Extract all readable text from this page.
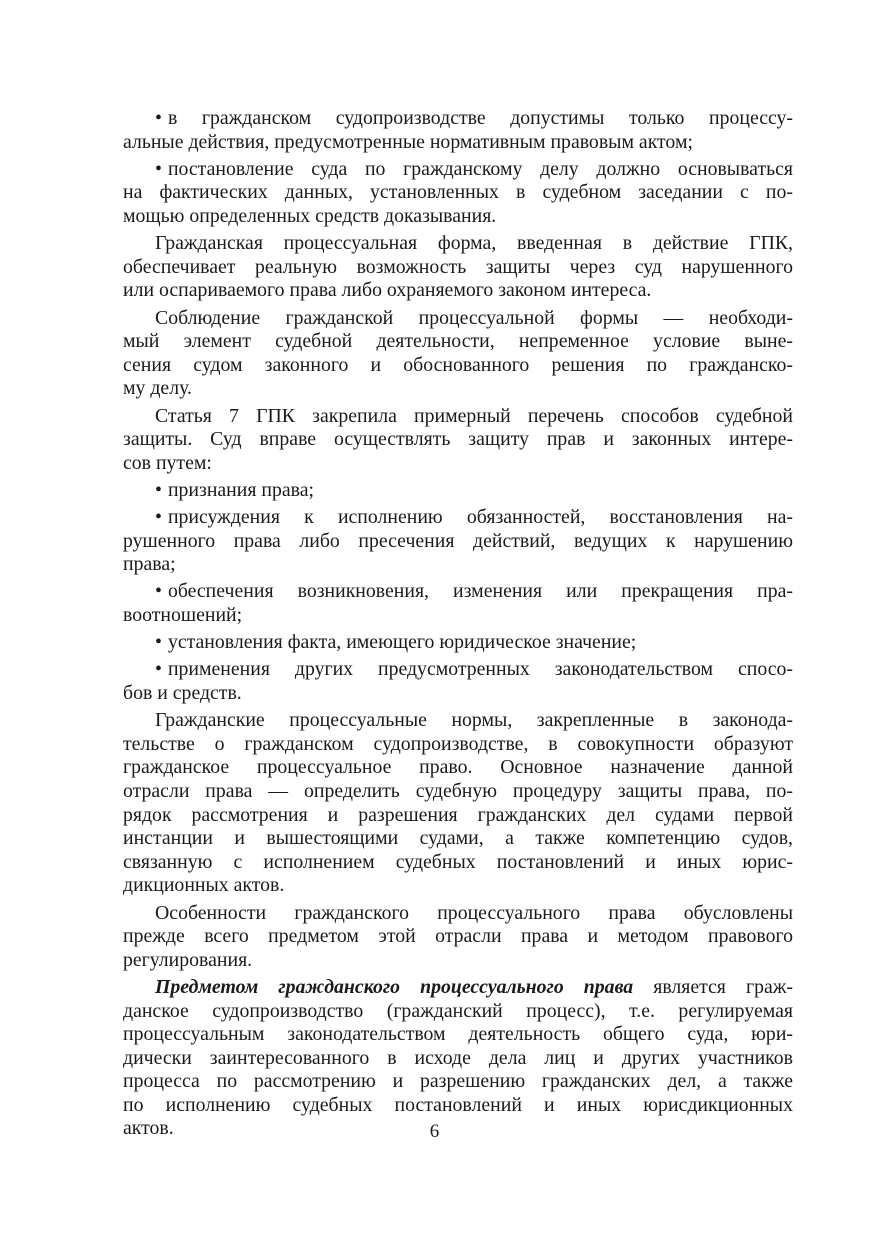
• в гражданском судопроизводстве допустимы только процессу-
альные действия, предусмотренные нормативным правовым актом;
• постановление суда по гражданскому делу должно основываться
на фактических данных, установленных в судебном заседании с по-
мощью определенных средств доказывания.
Гражданская процессуальная форма, введенная в действие ГПК,
обеспечивает реальную возможность защиты через суд нарушенного
или оспариваемого права либо охраняемого законом интереса.
Соблюдение гражданской процессуальной формы — необходи-
мый элемент судебной деятельности, непременное условие выне-
сения судом законного и обоснованного решения по гражданско-
му делу.
Статья 7 ГПК закрепила примерный перечень способов судебной
защиты. Суд вправе осуществлять защиту прав и законных интере-
сов путем:
• признания права;
• присуждения к исполнению обязанностей, восстановления на-
рушенного права либо пресечения действий, ведущих к нарушению
права;
• обеспечения возникновения, изменения или прекращения пра-
воотношений;
• установления факта, имеющего юридическое значение;
• применения других предусмотренных законодательством спосо-
бов и средств.
Гражданские процессуальные нормы, закрепленные в законода-
тельстве о гражданском судопроизводстве, в совокупности образуют
гражданское процессуальное право. Основное назначение данной
отрасли права — определить судебную процедуру защиты права, по-
рядок рассмотрения и разрешения гражданских дел судами первой
инстанции и вышестоящими судами, а также компетенцию судов,
связанную с исполнением судебных постановлений и иных юрис-
дикционных актов.
Особенности гражданского процессуального права обусловлены
прежде всего предметом этой отрасли права и методом правового
регулирования.
Предметом гражданского процессуального права является граж-
данское судопроизводство (гражданский процесс), т.е. регулируемая
процессуальным законодательством деятельность общего суда, юри-
дически заинтересованного в исходе дела лиц и других участников
процесса по рассмотрению и разрешению гражданских дел, а также
по исполнению судебных постановлений и иных юрисдикционных
актов.	6
